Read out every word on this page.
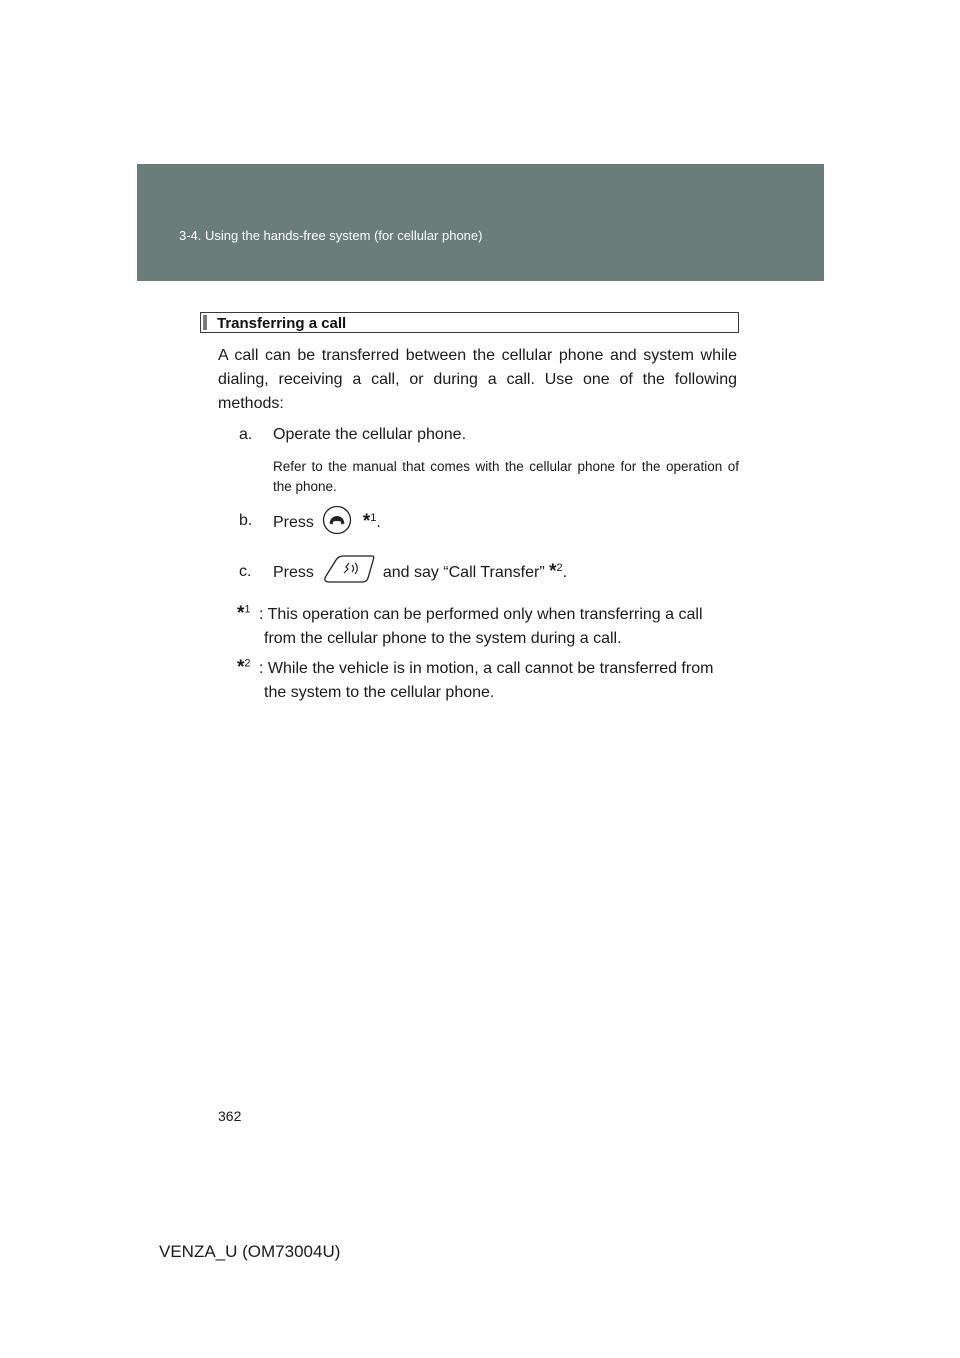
3-4. Using the hands-free system (for cellular phone)
Transferring a call
A call can be transferred between the cellular phone and system while dialing, receiving a call, or during a call. Use one of the following methods:
a. Operate the cellular phone.
Refer to the manual that comes with the cellular phone for the operation of the phone.
b. Press	*$^1$.
c. Press	and say “Call Transfer” *$^2$.
*$^1$ : This operation can be performed only when transferring a call
from the cellular phone to the system during a call.
*$^2$ : While the vehicle is in motion, a call cannot be transferred from
the system to the cellular phone.
362
VENZA_U (OM73004U)
